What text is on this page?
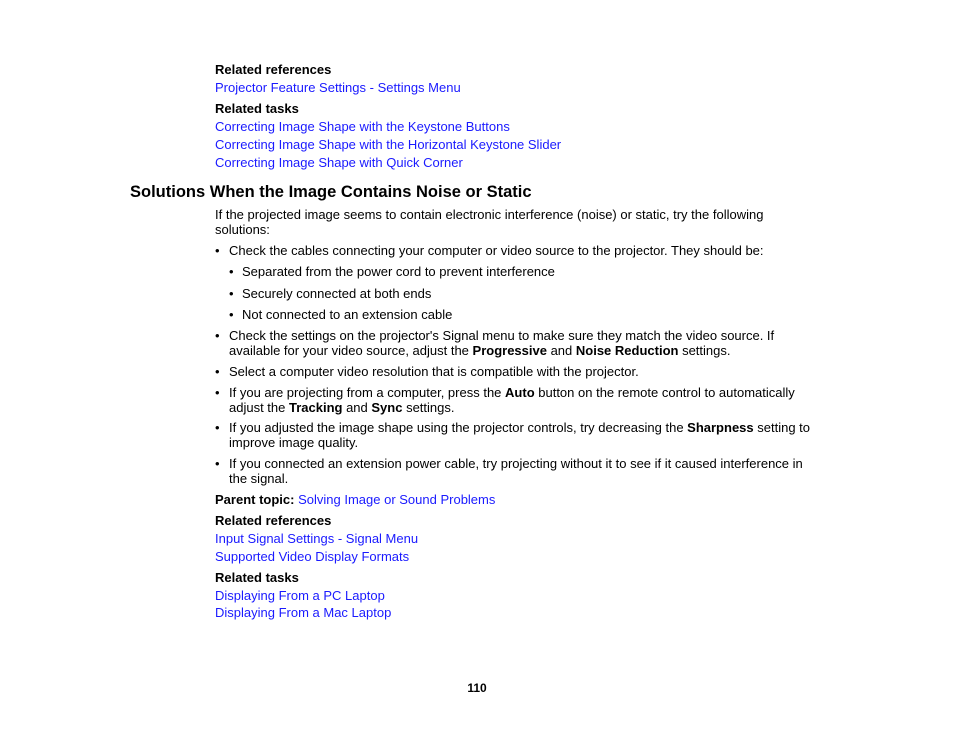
Related references
Projector Feature Settings - Settings Menu
Related tasks
Correcting Image Shape with the Keystone Buttons
Correcting Image Shape with the Horizontal Keystone Slider
Correcting Image Shape with Quick Corner
Solutions When the Image Contains Noise or Static
If the projected image seems to contain electronic interference (noise) or static, try the following
solutions:
• Check the cables connecting your computer or video source to the projector. They should be:
• Separated from the power cord to prevent interference
• Securely connected at both ends
• Not connected to an extension cable
• Check the settings on the projector's Signal menu to make sure they match the video source. If
available for your video source, adjust the Progressive and Noise Reduction settings.
• Select a computer video resolution that is compatible with the projector.
• If you are projecting from a computer, press the Auto button on the remote control to automatically
adjust the Tracking and Sync settings.
• If you adjusted the image shape using the projector controls, try decreasing the Sharpness setting to
improve image quality.
• If you connected an extension power cable, try projecting without it to see if it caused interference in
the signal.
Parent topic: Solving Image or Sound Problems
Related references
Input Signal Settings - Signal Menu
Supported Video Display Formats
Related tasks
Displaying From a PC Laptop
Displaying From a Mac Laptop
110
